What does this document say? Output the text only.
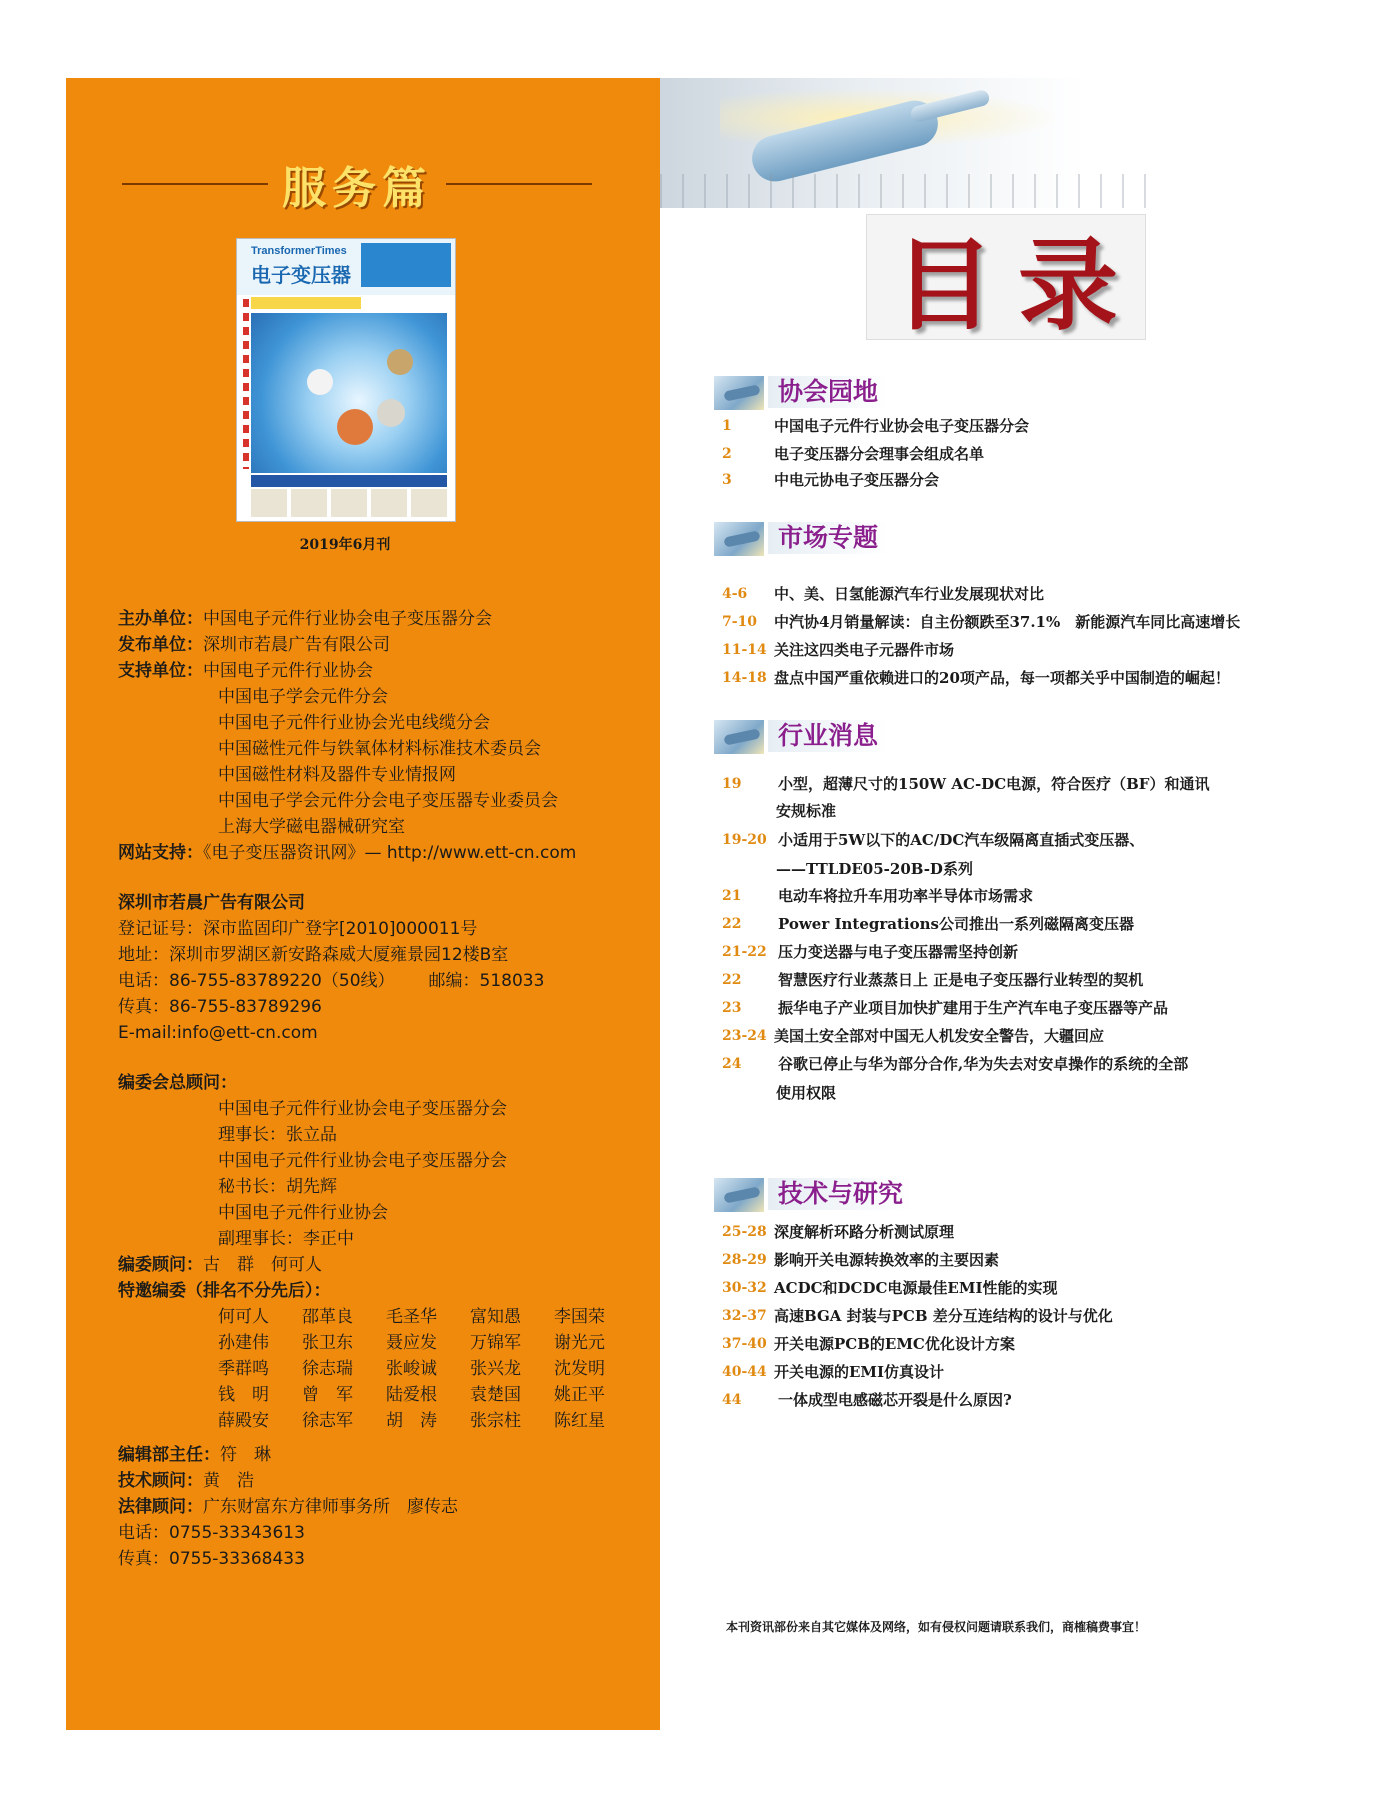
服务篇
TransformerTimes
电子变压器
2019年6月刊
主办单位：中国电子元件行业协会电子变压器分会
发布单位：深圳市若晨广告有限公司
支持单位：中国电子元件行业协会
中国电子学会元件分会
中国电子元件行业协会光电线缆分会
中国磁性元件与铁氧体材料标准技术委员会
中国磁性材料及器件专业情报网
中国电子学会元件分会电子变压器专业委员会
上海大学磁电器械研究室
网站支持：《电子变压器资讯网》— http://www.ett-cn.com
深圳市若晨广告有限公司
登记证号：深市监固印广登字[2010]000011号
地址：深圳市罗湖区新安路森威大厦雍景园12楼B室
电话：86-755-83789220（50线） 邮编：518033
传真：86-755-83789296
E-mail:info@ett-cn.com
编委会总顾问：
中国电子元件行业协会电子变压器分会
理事长：张立品
中国电子元件行业协会电子变压器分会
秘书长：胡先辉
中国电子元件行业协会
副理事长：李正中
编委顾问：古　群　何可人
特邀编委（排名不分先后）：
何可人 邵革良 毛圣华 富知愚 李国荣
孙建伟 张卫东 聂应发 万锦军 谢光元
季群鸣 徐志瑞 张峻诚 张兴龙 沈发明
钱　明 曾　军 陆爱根 袁楚国 姚正平
薛殿安 徐志军 胡　涛 张宗柱 陈红星
编辑部主任：符　琳
技术顾问：黄　浩
法律顾问：广东财富东方律师事务所　廖传志
电话：0755-33343613
传真：0755-33368433
目录
协会园地
1	中国电子元件行业协会电子变压器分会
2	电子变压器分会理事会组成名单
3	中电元协电子变压器分会
市场专题
4-6 中、美、日氢能源汽车行业发展现状对比
7-10 中汽协4月销量解读：自主份额跌至37.1%　新能源汽车同比高速增长
11-14 关注这四类电子元器件市场
14-18 盘点中国严重依赖进口的20项产品，每一项都关乎中国制造的崛起！
行业消息
19 小型，超薄尺寸的150W AC-DC电源，符合医疗（BF）和通讯
安规标准
19-20 小适用于5W以下的AC/DC汽车级隔离直插式变压器、
——TTLDE05-20B-D系列
21 电动车将拉升车用功率半导体市场需求
22 Power Integrations公司推出一系列磁隔离变压器
21-22 压力变送器与电子变压器需坚持创新
22 智慧医疗行业蒸蒸日上 正是电子变压器行业转型的契机
23 振华电子产业项目加快扩建用于生产汽车电子变压器等产品
23-24 美国土安全部对中国无人机发安全警告，大疆回应
24 谷歌已停止与华为部分合作,华为失去对安卓操作的系统的全部
使用权限
技术与研究
25-28 深度解析环路分析测试原理
28-29 影响开关电源转换效率的主要因素
30-32 ACDC和DCDC电源最佳EMI性能的实现
32-37 高速BGA 封装与PCB 差分互连结构的设计与优化
37-40 开关电源PCB的EMC优化设计方案
40-44 开关电源的EMI仿真设计
44 一体成型电感磁芯开裂是什么原因?
本刊资讯部份来自其它媒体及网络，如有侵权问题请联系我们，商榷稿费事宜！
